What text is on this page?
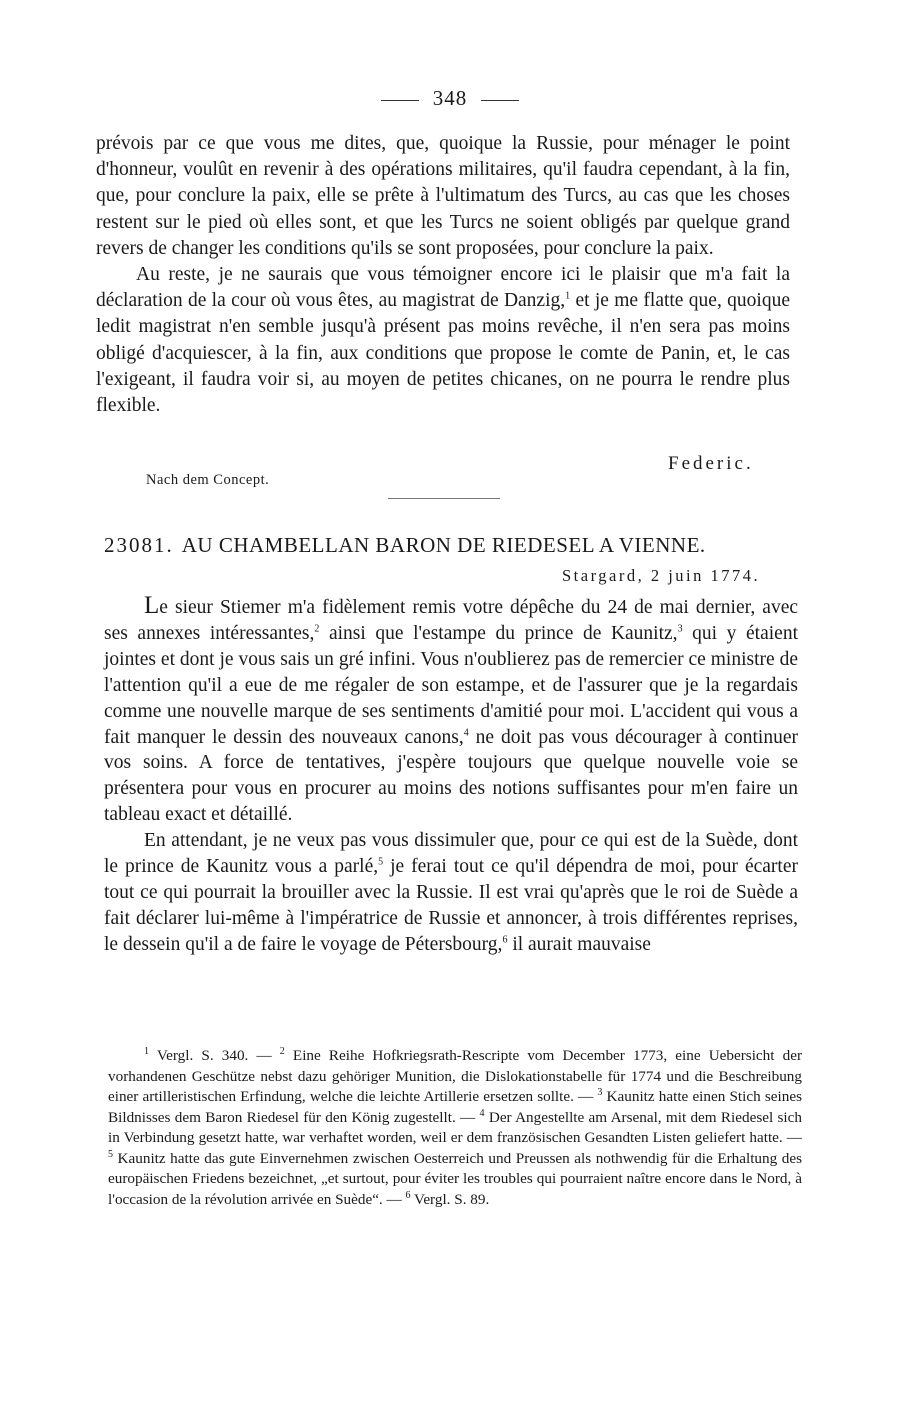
348

prévois par ce que vous me dites, que, quoique la Russie, pour ménager le point d'honneur, voulût en revenir à des opérations militaires, qu'il faudra cependant, à la fin, que, pour conclure la paix, elle se prête à l'ultimatum des Turcs, au cas que les choses restent sur le pied où elles sont, et que les Turcs ne soient obligés par quelque grand revers de changer les conditions qu'ils se sont proposées, pour conclure la paix.

Au reste, je ne saurais que vous témoigner encore ici le plaisir que m'a fait la déclaration de la cour où vous êtes, au magistrat de Danzig,$^1$ et je me flatte que, quoique ledit magistrat n'en semble jusqu'à présent pas moins revêche, il n'en sera pas moins obligé d'acquiescer, à la fin, aux conditions que propose le comte de Panin, et, le cas l'exigeant, il faudra voir si, au moyen de petites chicanes, on ne pourra le rendre plus flexible.

Federic.
Nach dem Concept.
23081. AU CHAMBELLAN BARON DE RIEDESEL A VIENNE.
Stargard, 2 juin 1774.

Le sieur Stiemer m'a fidèlement remis votre dépêche du 24 de mai dernier, avec ses annexes intéressantes,$^2$ ainsi que l'estampe du prince de Kaunitz,$^3$ qui y étaient jointes et dont je vous sais un gré infini. Vous n'oublierez pas de remercier ce ministre de l'attention qu'il a eue de me régaler de son estampe, et de l'assurer que je la regardais comme une nouvelle marque de ses sentiments d'amitié pour moi. L'accident qui vous a fait manquer le dessin des nouveaux canons,$^4$ ne doit pas vous décourager à continuer vos soins. A force de tentatives, j'espère toujours que quelque nouvelle voie se présentera pour vous en procurer au moins des notions suffisantes pour m'en faire un tableau exact et détaillé.

En attendant, je ne veux pas vous dissimuler que, pour ce qui est de la Suède, dont le prince de Kaunitz vous a parlé,$^5$ je ferai tout ce qu'il dépendra de moi, pour écarter tout ce qui pourrait la brouiller avec la Russie. Il est vrai qu'après que le roi de Suède a fait déclarer lui-même à l'impératrice de Russie et annoncer, à trois différentes reprises, le dessein qu'il a de faire le voyage de Pétersbourg,$^6$ il aurait mauvaise

$^1$ Vergl. S. 340. — $^2$ Eine Reihe Hofkriegsrath-Rescripte vom December 1773, eine Uebersicht der vorhandenen Geschütze nebst dazu gehöriger Munition, die Dislokationstabelle für 1774 und die Beschreibung einer artilleristischen Erfindung, welche die leichte Artillerie ersetzen sollte. — $^3$ Kaunitz hatte einen Stich seines Bildnisses dem Baron Riedesel für den König zugestellt. — $^4$ Der Angestellte am Arsenal, mit dem Riedesel sich in Verbindung gesetzt hatte, war verhaftet worden, weil er dem französischen Gesandten Listen geliefert hatte. — $^5$ Kaunitz hatte das gute Einvernehmen zwischen Oesterreich und Preussen als nothwendig für die Erhaltung des europäischen Friedens bezeichnet, „et surtout, pour éviter les troubles qui pourraient naître encore dans le Nord, à l'occasion de la révolution arrivée en Suède“. — $^6$ Vergl. S. 89.
